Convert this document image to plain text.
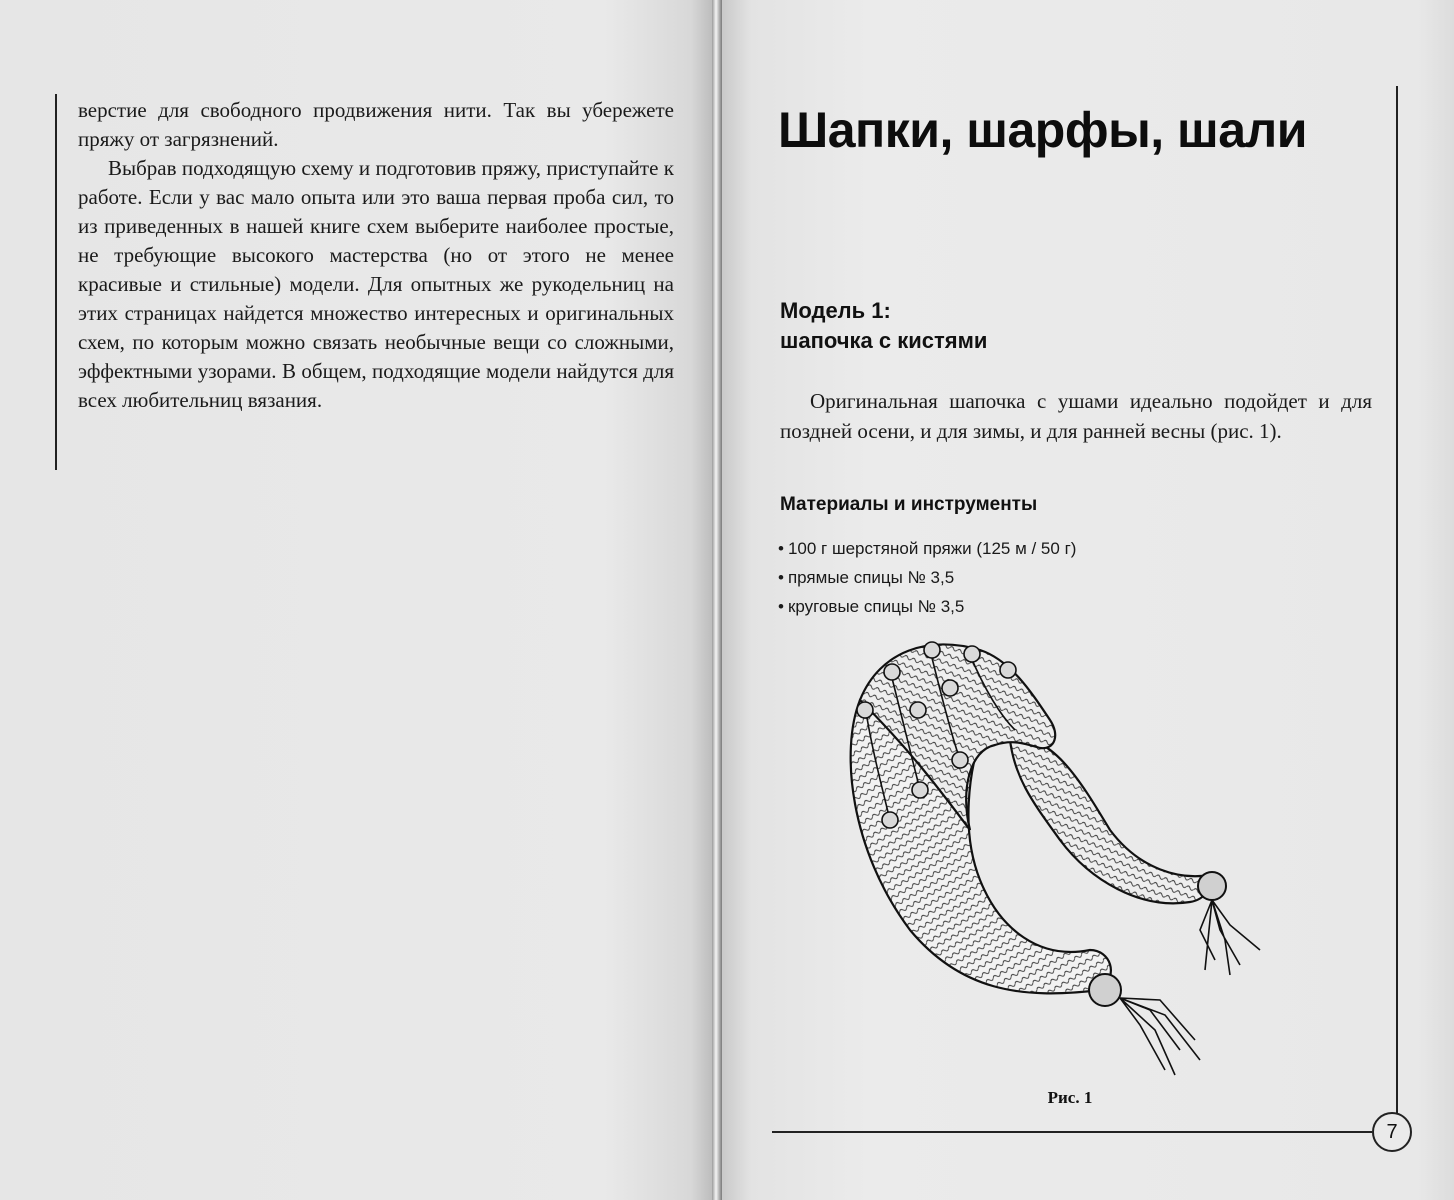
верстие для свободного продвижения нити. Так вы убережете пряжу от загрязнений.

Выбрав подходящую схему и подготовив пряжу, приступайте к работе. Если у вас мало опыта или это ваша первая проба сил, то из приведенных в нашей книге схем выберите наиболее простые, не требующие высокого мастерства (но от этого не менее красивые и стильные) модели. Для опытных же рукодельниц на этих страницах найдется множество интересных и оригинальных схем, по которым можно связать необычные вещи со сложными, эффектными узорами. В общем, подходящие модели найдутся для всех любительниц вязания.

Шапки, шарфы, шали
Модель 1:
шапочка с кистями
Оригинальная шапочка с ушами идеально подойдет и для поздней осени, и для зимы, и для ранней весны (рис. 1).
Материалы и инструменты
• 100 г шерстяной пряжи (125 м / 50 г)
• прямые спицы № 3,5
• круговые спицы № 3,5
Рис. 1
7
